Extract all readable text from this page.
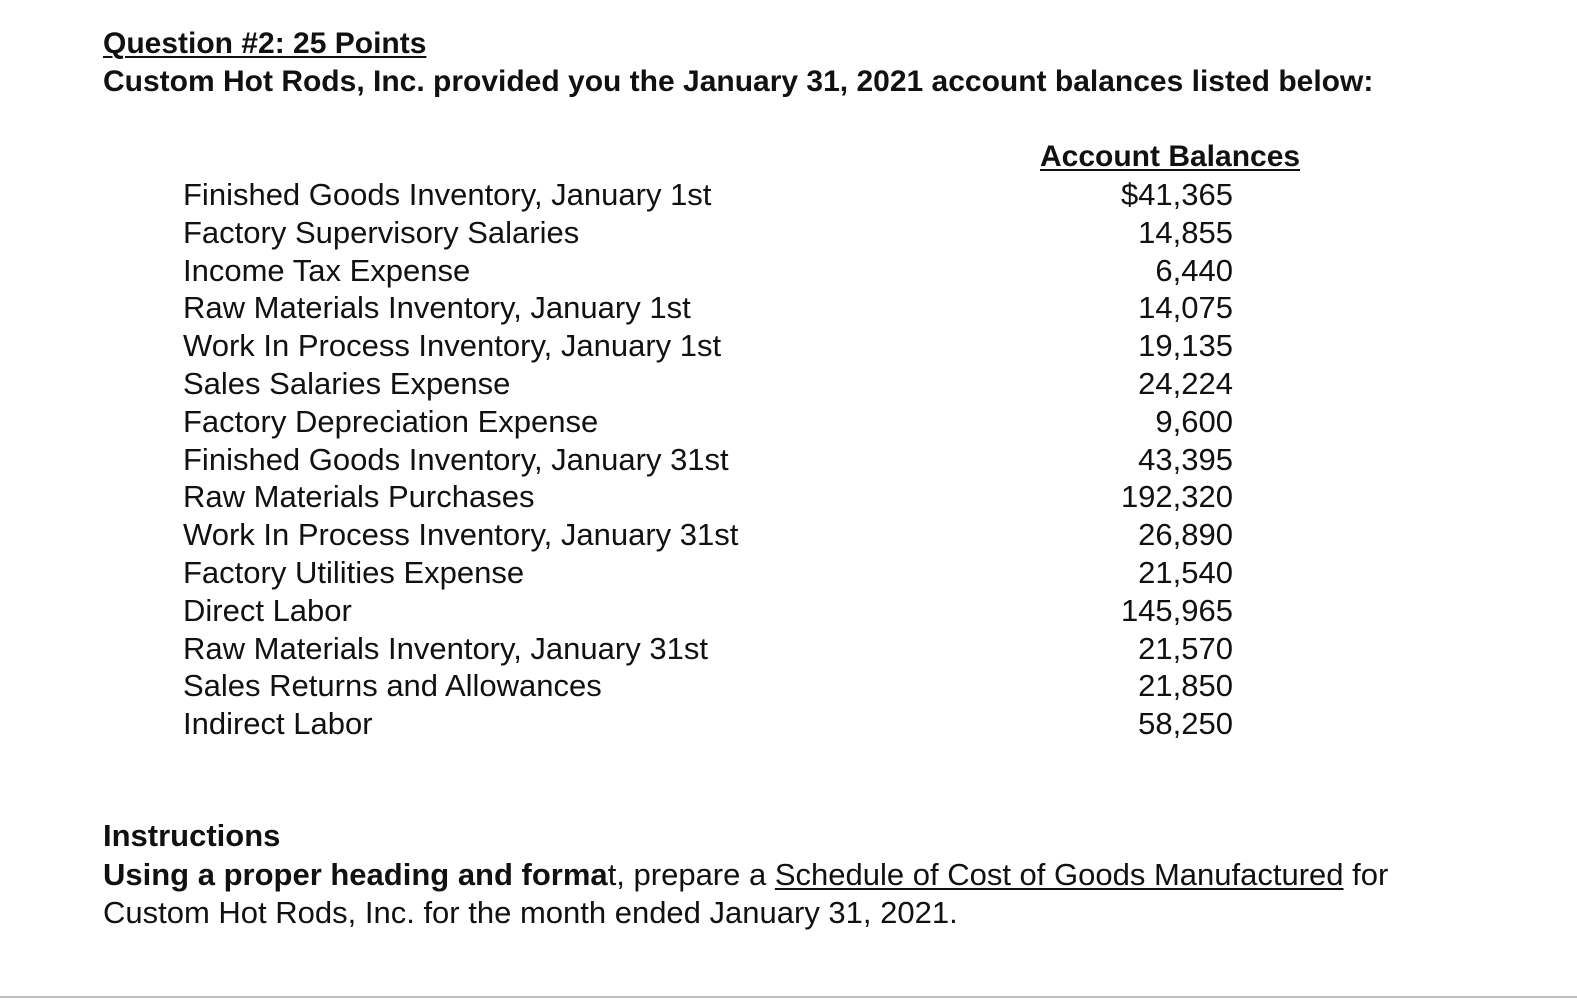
Question #2: 25 Points
Custom Hot Rods, Inc. provided you the January 31, 2021 account balances listed below:
Account Balances
Finished Goods Inventory, January 1st	$41,365
Factory Supervisory Salaries	14,855
Income Tax Expense	6,440
Raw Materials Inventory, January 1st	14,075
Work In Process Inventory, January 1st	19,135
Sales Salaries Expense	24,224
Factory Depreciation Expense	9,600
Finished Goods Inventory, January 31st	43,395
Raw Materials Purchases	192,320
Work In Process Inventory, January 31st	26,890
Factory Utilities Expense	21,540
Direct Labor	145,965
Raw Materials Inventory, January 31st	21,570
Sales Returns and Allowances	21,850
Indirect Labor	58,250
Instructions
Using a proper heading and format, prepare a Schedule of Cost of Goods Manufactured for
Custom Hot Rods, Inc. for the month ended January 31, 2021.
